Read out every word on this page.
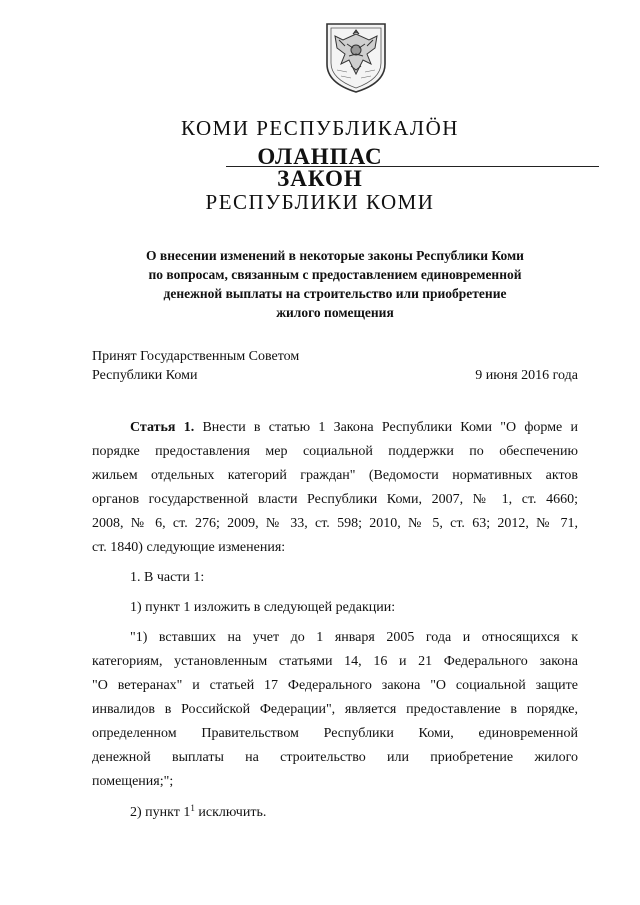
КОМИ РЕСПУБЛИКАЛÖН
ОЛАНПАС
ЗАКОН
РЕСПУБЛИКИ КОМИ
О внесении изменений в некоторые законы Республики Коми
по вопросам, связанным с предоставлением единовременной
денежной выплаты на строительство или приобретение
жилого помещения
Принят Государственным Советом
Республики Коми	9 июня 2016 года
Статья 1. Внести в статью 1 Закона Республики Коми "О форме и
порядке предоставления мер социальной поддержки по обеспечению
жильем отдельных категорий граждан" (Ведомости нормативных актов
органов государственной власти Республики Коми, 2007, № 1, ст. 4660;
2008, № 6, ст. 276; 2009, № 33, ст. 598; 2010, № 5, ст. 63; 2012, № 71,
ст. 1840) следующие изменения:
1. В части 1:
1) пункт 1 изложить в следующей редакции:
"1) вставших на учет до 1 января 2005 года и относящихся к
категориям, установленным статьями 14, 16 и 21 Федерального закона
"О ветеранах" и статьей 17 Федерального закона "О социальной защите
инвалидов в Российской Федерации", является предоставление в порядке,
определенном Правительством Республики Коми, единовременной
денежной выплаты на строительство или приобретение жилого
помещения;";
2) пункт $1^1$ исключить.
